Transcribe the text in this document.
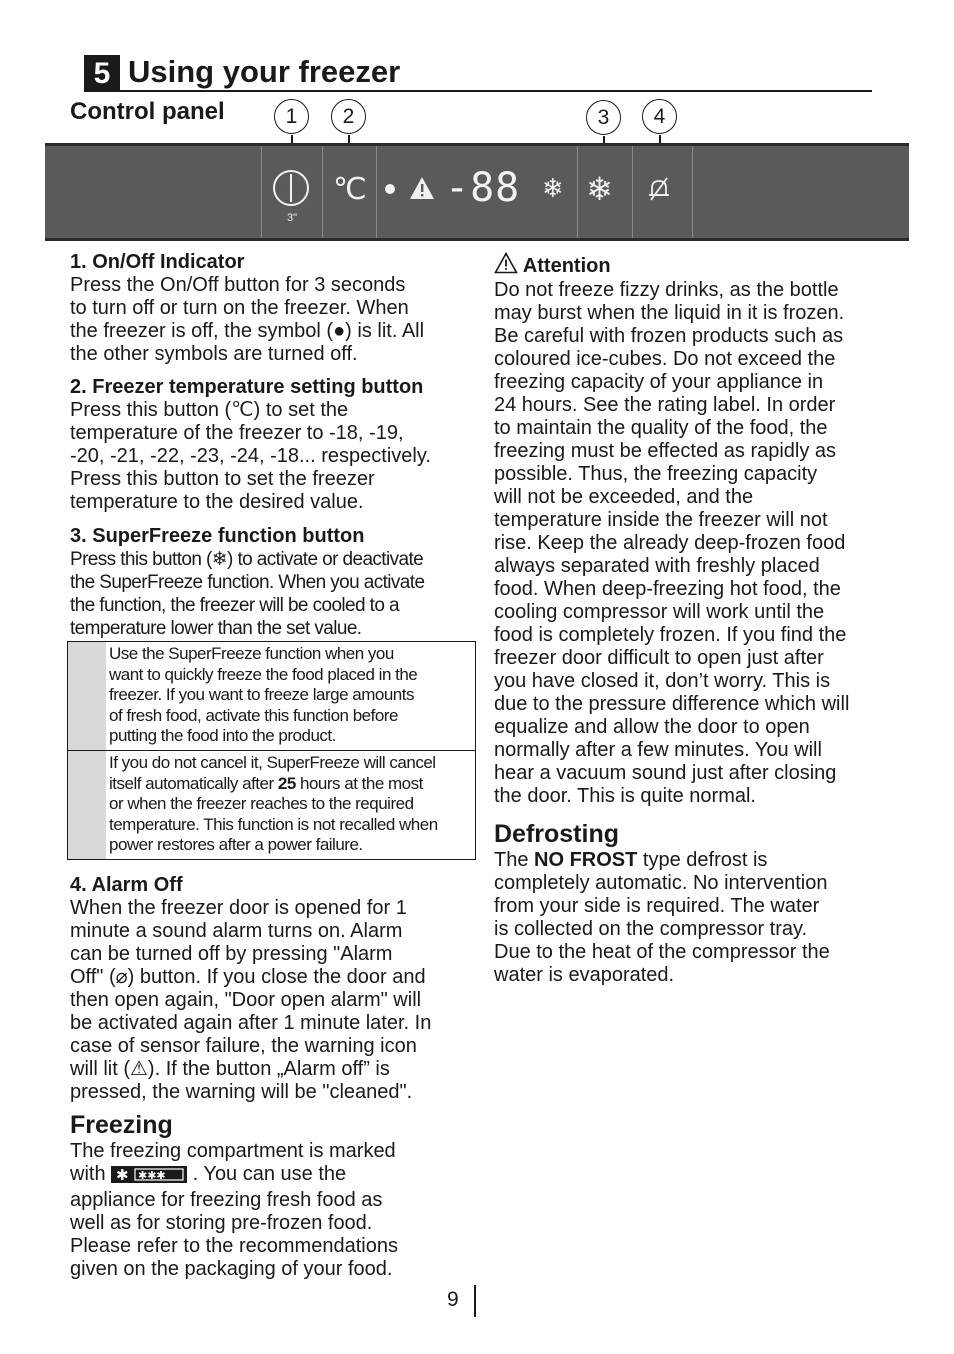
5 Using your freezer
Control panel	1	2	3	4
3"
℃ -88 ❄ ❄
1. On/Off Indicator

Press the On/Off button for 3 seconds

to turn off or turn on the freezer. When

the freezer is off, the symbol (●) is lit. All

the other symbols are turned off.

2. Freezer temperature setting button

Press this button (℃) to set the

temperature of the freezer to -18, -19,

-20, -21, -22, -23, -24, -18... respectively.

Press this button to set the freezer

temperature to the desired value.

3. SuperFreeze function button

Press this button (❄) to activate or deactivate

the SuperFreeze function. When you activate

the function, the freezer will be cooled to a

temperature lower than the set value.

Use the SuperFreeze function when you
want to quickly freeze the food placed in the
freezer. If you want to freeze large amounts
of fresh food, activate this function before
putting the food into the product.
If you do not cancel it, SuperFreeze will cancel
itself automatically after 25 hours at the most
or when the freezer reaches to the required
temperature. This function is not recalled when
power restores after a power failure.
4. Alarm Off

When the freezer door is opened for 1

minute a sound alarm turns on. Alarm

can be turned off by pressing "Alarm

Off" (⌀) button. If you close the door and

then open again, "Door open alarm" will

be activated again after 1 minute later. In

case of sensor failure, the warning icon

will lit (⚠). If the button „Alarm off” is

pressed, the warning will be "cleaned".

Freezing

The freezing compartment is marked

with ✱ ✱✱✱ . You can use the

appliance for freezing fresh food as

well as for storing pre-frozen food.

Please refer to the recommendations

given on the packaging of your food.

Attention

Do not freeze fizzy drinks, as the bottle

may burst when the liquid in it is frozen.

Be careful with frozen products such as

coloured ice-cubes. Do not exceed the

freezing capacity of your appliance in

24 hours. See the rating label. In order

to maintain the quality of the food, the

freezing must be effected as rapidly as

possible. Thus, the freezing capacity

will not be exceeded, and the

temperature inside the freezer will not

rise. Keep the already deep-frozen food

always separated with freshly placed

food. When deep-freezing hot food, the

cooling compressor will work until the

food is completely frozen. If you find the

freezer door difficult to open just after

you have closed it, don’t worry. This is

due to the pressure difference which will

equalize and allow the door to open

normally after a few minutes. You will

hear a vacuum sound just after closing

the door. This is quite normal.

Defrosting

The NO FROST type defrost is

completely automatic. No intervention

from your side is required. The water

is collected on the compressor tray.

Due to the heat of the compressor the

water is evaporated.

9
